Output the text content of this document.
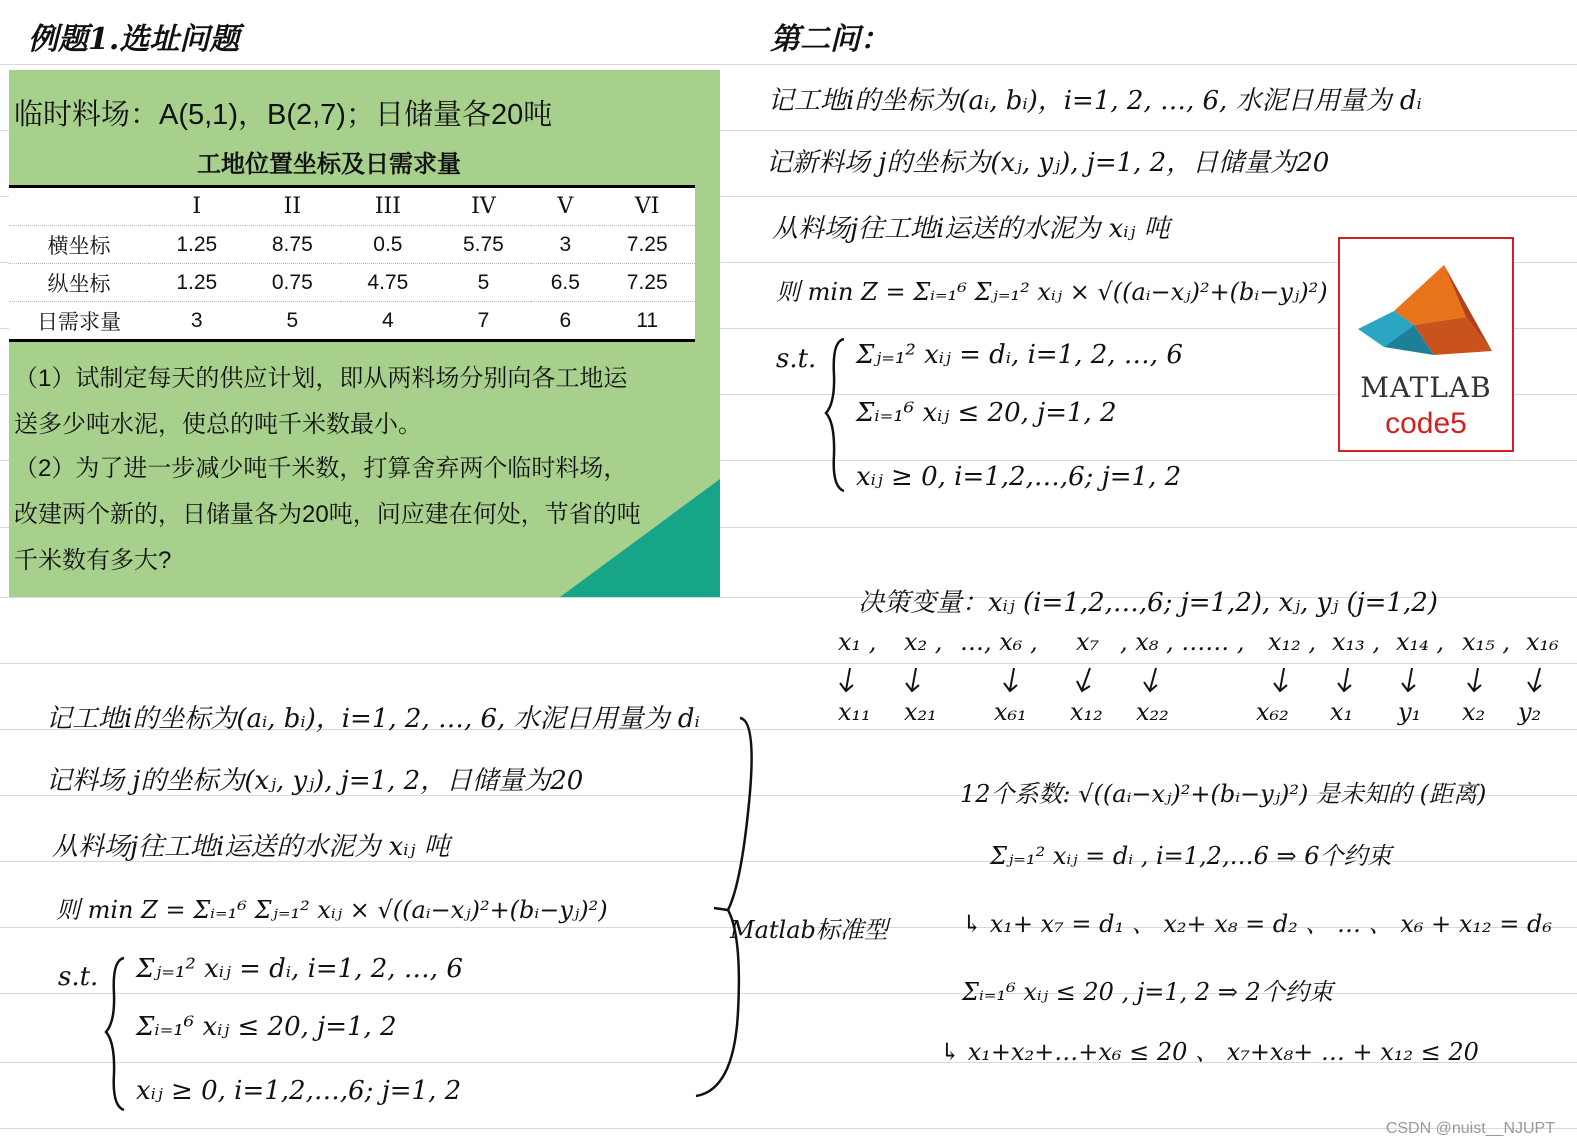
例题1.选址问题	第二问：
临时料场：A(5,1)，B(2,7)；日储量各20吨
工地位置坐标及日需求量
	I	II	III	IV	V	VI
横坐标	1.25	8.75	0.5	5.75	3	7.25
纵坐标	1.25	0.75	4.75	5	6.5	7.25
日需求量	3	5	4	7	6	11
（1）试制定每天的供应计划，即从两料场分别向各工地运
送多少吨水泥，使总的吨千米数最小。
（2）为了进一步减少吨千米数，打算舍弃两个临时料场，
改建两个新的，日储量各为20吨，问应建在何处，节省的吨
千米数有多大?
记工地i的坐标为(aᵢ, bᵢ)，i=1, 2, …, 6, 水泥日用量为 dᵢ
记新料场 j的坐标为(xⱼ, yⱼ), j=1, 2，日储量为20
从料场j往工地i运送的水泥为 xᵢⱼ 吨
则 min Z = Σᵢ₌₁⁶ Σⱼ₌₁² xᵢⱼ × √((aᵢ−xⱼ)²+(bᵢ−yⱼ)²)
s.t. Σⱼ₌₁² xᵢⱼ = dᵢ, i=1, 2, …, 6
Σᵢ₌₁⁶ xᵢⱼ ≤ 20, j=1, 2
xᵢⱼ ≥ 0, i=1,2,…,6; j=1, 2
MATLAB
code5
决策变量：xᵢⱼ (i=1,2,…,6; j=1,2), xⱼ, yⱼ (j=1,2)
x₁ , x₂ , …, x₆ , x₇ , x₈ , …… , x₁₂ , x₁₃ , x₁₄ , x₁₅ , x₁₆
x₁₁ x₂₁ x₆₁ x₁₂ x₂₂	x₆₂ x₁ y₁ x₂ y₂
记工地i的坐标为(aᵢ, bᵢ)，i=1, 2, …, 6, 水泥日用量为 dᵢ
记料场 j的坐标为(xⱼ, yⱼ), j=1, 2，日储量为20
从料场j往工地i运送的水泥为 xᵢⱼ 吨
则 min Z = Σᵢ₌₁⁶ Σⱼ₌₁² xᵢⱼ × √((aᵢ−xⱼ)²+(bᵢ−yⱼ)²)
s.t. Σⱼ₌₁² xᵢⱼ = dᵢ, i=1, 2, …, 6
Σᵢ₌₁⁶ xᵢⱼ ≤ 20, j=1, 2
xᵢⱼ ≥ 0, i=1,2,…,6; j=1, 2
Matlab标准型
12个系数: √((aᵢ−xⱼ)²+(bᵢ−yⱼ)²) 是未知的 (距离)
Σⱼ₌₁² xᵢⱼ = dᵢ , i=1,2,…6 ⇒ 6个约束
↳ x₁+ x₇ = d₁ 、 x₂+ x₈ = d₂ 、 … 、 x₆ + x₁₂ = d₆
Σᵢ₌₁⁶ xᵢⱼ ≤ 20 , j=1, 2 ⇒ 2个约束
↳ x₁+x₂+…+x₆ ≤ 20 、 x₇+x₈+ … + x₁₂ ≤ 20
CSDN @nuist__NJUPT
